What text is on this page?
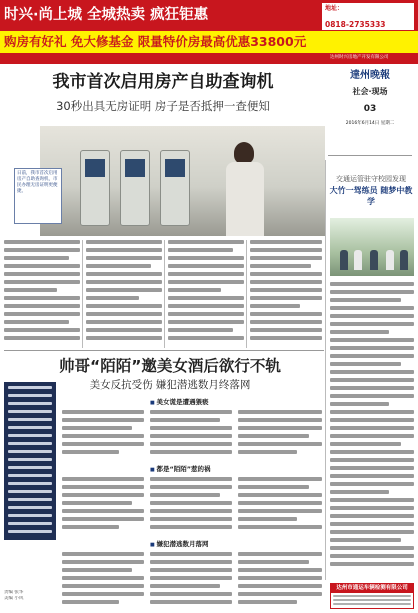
时兴·尚上城 全城热卖 疯狂钜惠	地址：
0818-2735333
购房有好礼 免大修基金 限量特价房最高优惠33800元
达州时兴房地产开发有限公司
我市首次启用房产自助查询机
30秒出具无房证明 房子是否抵押一查便知
達州晚報
社会·现场
03
2016年6月14日 星期二
日前，我市首次启用房产自助查询机，市民办理无房证明更便捷。
交通运管驻守校园发现
大竹一驾练员 随梦中教学
帅哥“陌陌”邀美女酒后欲行不轨
美女反抗受伤 嫌犯潜逃数月终落网
■ 美女谎是遭遇猥亵
■ 都是“陌陌”惹的祸
■ 嫌犯潜逃数月落网
责编 张华
美编 小风
达州市通运车辆检测有限公司
